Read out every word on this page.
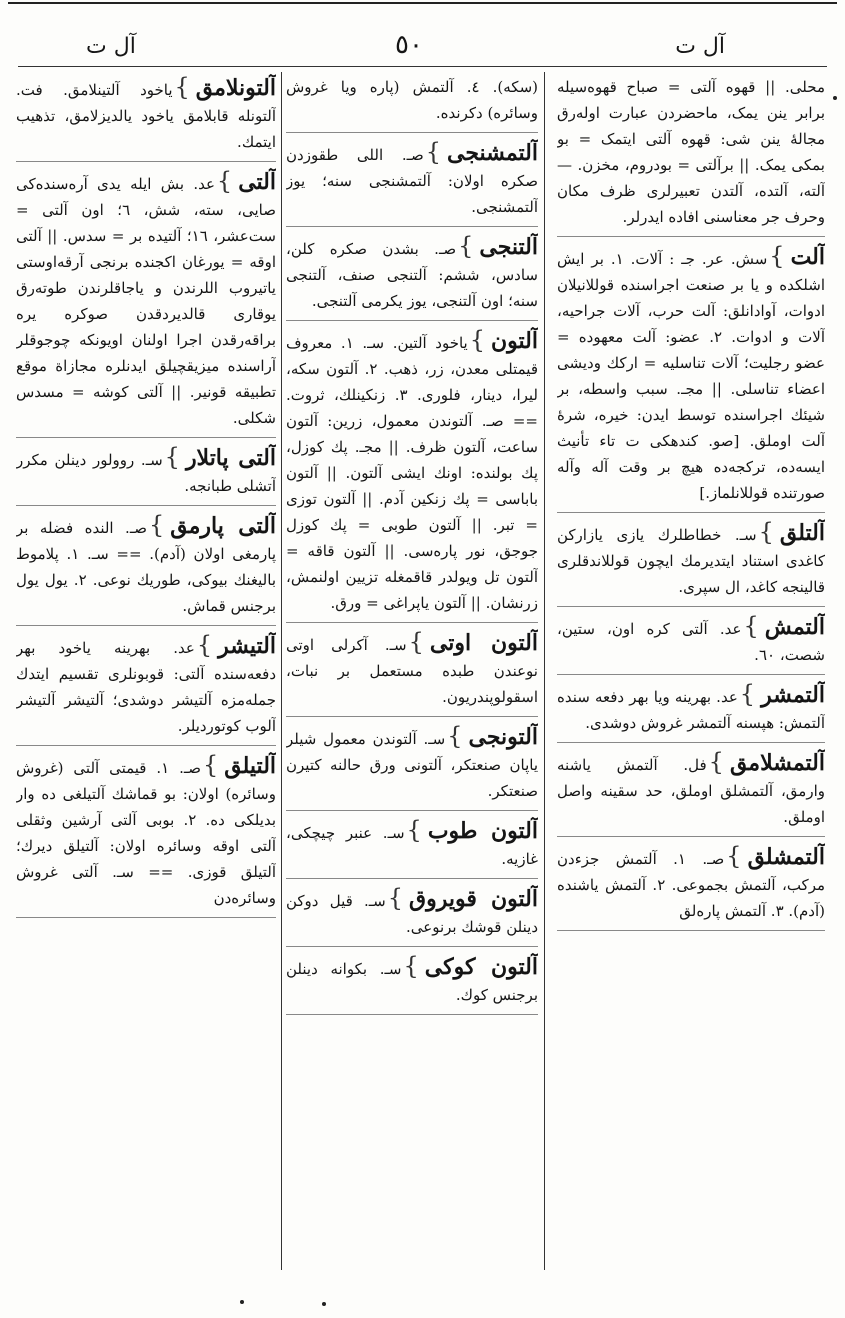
آل ت	٥٠	آل ت
محلی. || قهوه آلتی = صباح قهوه‌سیله برابر ینن یمک، ماحضردن عبارت اوله‌رق مجالهٔ ینن شی: قهوه آلتی ایتمک = بو بمکی یمک. || برآلتی = بودروم، مخزن. — آلته، آلتده، آلتدن تعبیرلری ظرف مکان وحرف جر معناسنی افاده ایدرلر.
آلت}سش. عر. جـ : آلات. ١. بر ایش اشلکده و یا بر صنعت اجراسنده قوللانیلان ادوات، آوادانلق: آلت حرب، آلات جراحیه، آلات و ادوات. ٢. عضو: آلت معهوده = عضو رجلیت؛ آلات تناسلیه = ارکك وديشی اعضاء تناسلی. || مجـ. سبب واسطه، بر شیئك اجراسنده توسط ایدن: خیره، شرهٔ آلت اوملق. [صو. کندهکی ت تاء تأنیث ایسه‌ده، ترکجه‌ده هیچ بر وقت آله وآله صورتنده قوللانلماز.]
آلتلق}سـ. خطاطلرك یازی یازارکن کاغدی استناد ایتدیرمك ایچون قوللاندقلری قالینجه کاغد، ال سپری.
آلتمش}عد. آلتی کره اون، ستین، شصت، ٦٠.
آلتمشر}عد. بهرینه ویا بهر دفعه سنده آلتمش: هپسنه آلتمشر غروش دوشدی.
آلتمشلامق}فل. آلتمش یاشنه وارمق، آلتمشلق اوملق، حد سقینه واصل اوملق.
آلتمشلق}صـ. ١. آلتمش جزءدن مرکب، آلتمش بجموعی. ٢. آلتمش یاشنده (آدم). ٣. آلتمش پاره‌لق
(سکه). ٤. آلتمش (پاره ویا غروش وسائره) دکرنده.
آلتمشنجی}صـ. اللی طقوزدن صکره اولان: آلتمشنجی سنه؛ یوز آلتمشنجی.
آلتنجی}صـ. بشدن صکره کلن، سادس، ششم: آلتنجی صنف، آلتنجی سنه؛ اون آلتنجی، یوز یکرمی آلتنجی.
آلتون}یاخود آلتین. سـ. ١. معروف قیمتلی معدن، زر، ذهب. ٢. آلتون سکه، لیرا، دینار، فلوری. ٣. زنکینلك، ثروت. == صـ. آلتوندن معمول، زرین: آلتون ساعت، آلتون ظرف. || مجـ. پك کوزل، پك بولنده: اونك ایشی آلتون. || آلتون باباسی = پك زنکین آدم. || آلتون توزی = تبر. || آلتون طوبی = پك کوزل جوجق، نور پاره‌سی. || آلتون قاقه = آلتون تل ویولدر قاقمغله تزیین اولنمش، زرنشان. || آلتون یاپراغی = ورق.
آلتون اوتی}سـ. آکرلی اوتی نوعندن طبده مستعمل بر نبات، اسقولوپندریون.
آلتونجی}سـ. آلتوندن معمول شیلر یاپان صنعتکر، آلتونی ورق حالنه کتیرن صنعتکر.
آلتون طوب}سـ. عنبر چیچکی، غازیه.
آلتون قویروق}سـ. قیل دوکن دینلن قوشك برنوعی.
آلتون کوکی}سـ. بکوانه دینلن برجنس کوك.
آلتونلامق}یاخود آلتینلامق. فت. آلتونله قابلامق یاخود یالدیزلامق، تذهیب ایتمك.
آلتی}عد. بش ایله یدی آره‌سنده‌کی صایی، سته، شش، ٦؛ اون آلتی = ست‌عشر، ١٦؛ آلتیده بر = سدس. || آلتی اوقه = یورغان اکجنده برنجی آرقه‌اوستی یاتیروب اللرندن و یاجاقلرندن طوتەرق یوقاری قالدیردقدن صوکره یره براقه‌رقدن اجرا اولنان اویونکه چوجوقلر آراسنده میزیقچیلق ایدنلره مجازاة موقع تطبیقه قونیر. || آلتی کوشه = مسدس شکلی.
آلتی پاتلار}سـ. روولور دینلن مکرر آتشلی طبانجه.
آلتی پارمق}صـ. الندە فضلە بر پارمغی اولان (آدم). == سـ. ١. پلاموط بالیغنك بیوکی، طوریك نوعی. ٢. یول یول برجنس قماش.
آلتیشر}عد. بهرینه یاخود بهر دفعه‌سنده آلتی: قوبونلری تقسیم ایتدك جمله‌مزه آلتیشر دوشدی؛ آلتیشر آلتیشر آلوب کوتوردیلر.
آلتیلق}صـ. ١. قیمتی آلتی (غروش وسائره) اولان: بو قماشك آلتیلغی ده وار بدیلکی ده. ٢. بوبی آلتی آرشین وثقلی آلتی اوقه وسائره اولان: آلتیلق دیرك؛ آلتیلق قوزی. == سـ. آلتی غروش وسائره‌دن
